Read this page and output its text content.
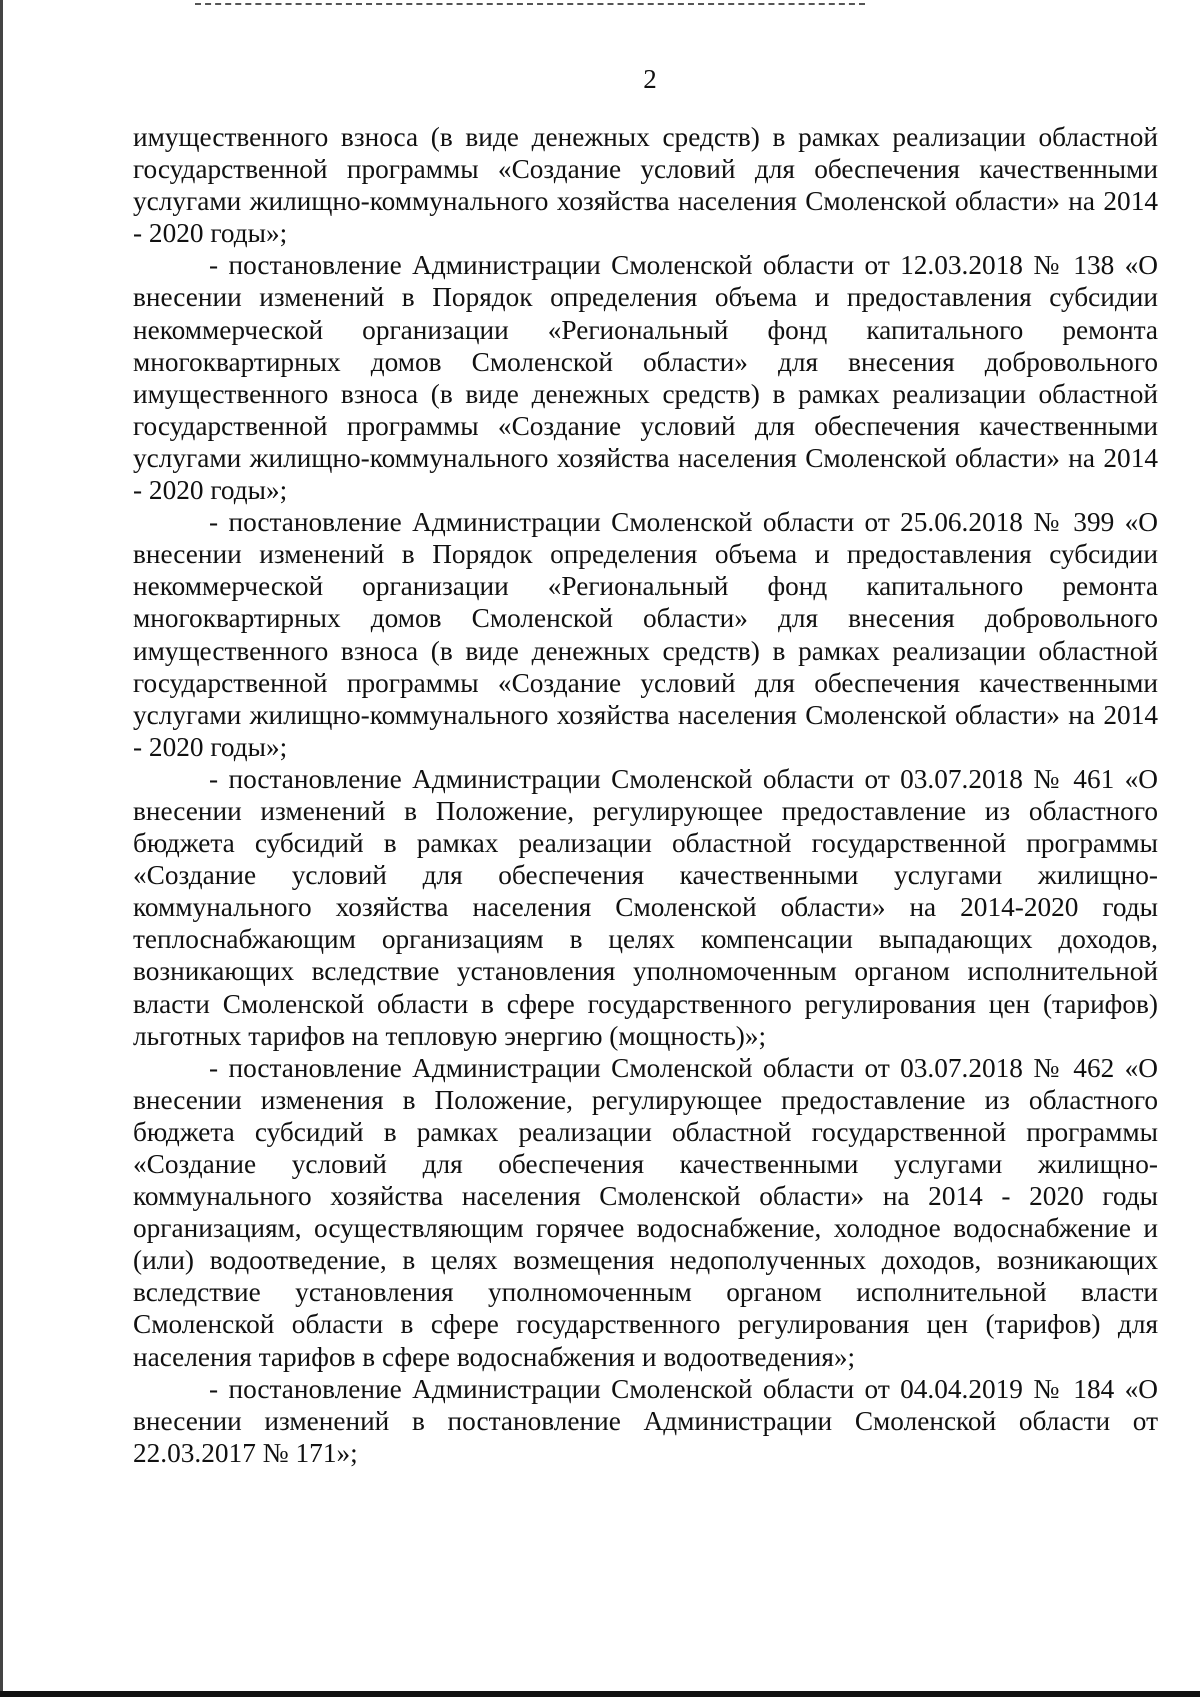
2

имущественного взноса (в виде денежных средств) в рамках реализации областной государственной программы «Создание условий для обеспечения качественными услугами жилищно-коммунального хозяйства населения Смоленской области» на 2014 - 2020 годы»;

- постановление Администрации Смоленской области от 12.03.2018 № 138 «О внесении изменений в Порядок определения объема и предоставления субсидии некоммерческой организации «Региональный фонд капитального ремонта многоквартирных домов Смоленской области» для внесения добровольного имущественного взноса (в виде денежных средств) в рамках реализации областной государственной программы «Создание условий для обеспечения качественными услугами жилищно-коммунального хозяйства населения Смоленской области» на 2014 - 2020 годы»;

- постановление Администрации Смоленской области от 25.06.2018 № 399 «О внесении изменений в Порядок определения объема и предоставления субсидии некоммерческой организации «Региональный фонд капитального ремонта многоквартирных домов Смоленской области» для внесения добровольного имущественного взноса (в виде денежных средств) в рамках реализации областной государственной программы «Создание условий для обеспечения качественными услугами жилищно-коммунального хозяйства населения Смоленской области» на 2014 - 2020 годы»;

- постановление Администрации Смоленской области от 03.07.2018 № 461 «О внесении изменений в Положение, регулирующее предоставление из областного бюджета субсидий в рамках реализации областной государственной программы «Создание условий для обеспечения качественными услугами жилищно-коммунального хозяйства населения Смоленской области» на 2014-2020 годы теплоснабжающим организациям в целях компенсации выпадающих доходов, возникающих вследствие установления уполномоченным органом исполнительной власти Смоленской области в сфере государственного регулирования цен (тарифов) льготных тарифов на тепловую энергию (мощность)»;

- постановление Администрации Смоленской области от 03.07.2018 № 462 «О внесении изменения в Положение, регулирующее предоставление из областного бюджета субсидий в рамках реализации областной государственной программы «Создание условий для обеспечения качественными услугами жилищно-коммунального хозяйства населения Смоленской области» на 2014 - 2020 годы организациям, осуществляющим горячее водоснабжение, холодное водоснабжение и (или) водоотведение, в целях возмещения недополученных доходов, возникающих вследствие установления уполномоченным органом исполнительной власти Смоленской области в сфере государственного регулирования цен (тарифов) для населения тарифов в сфере водоснабжения и водоотведения»;

- постановление Администрации Смоленской области от 04.04.2019 № 184 «О внесении изменений в постановление Администрации Смоленской области от 22.03.2017 № 171»;
